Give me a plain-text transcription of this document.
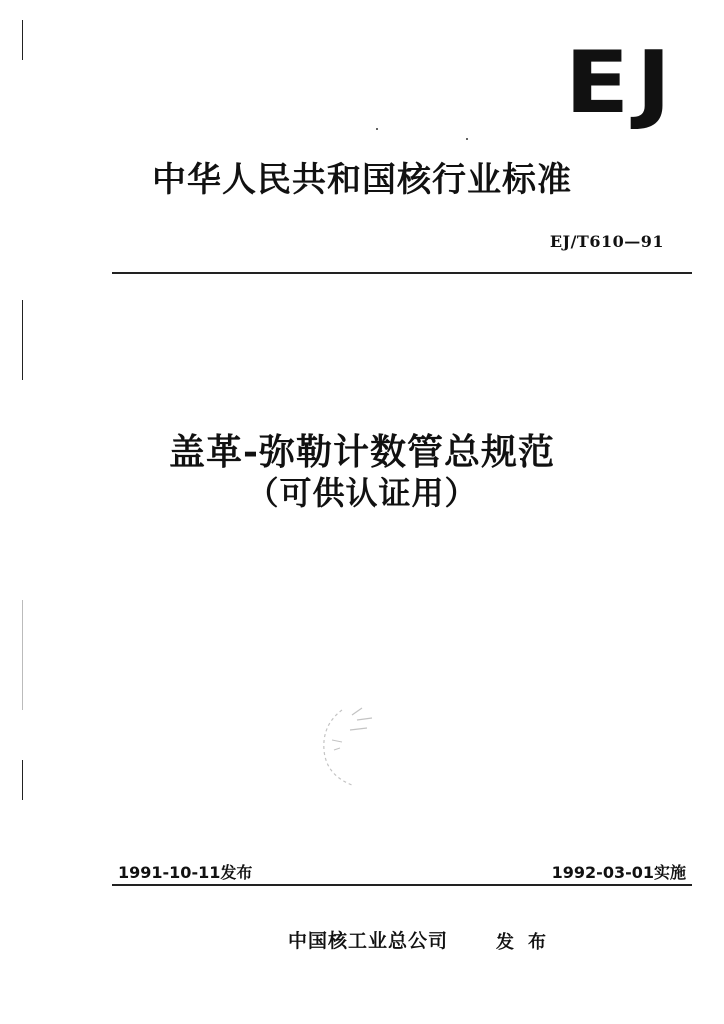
EJ
中华人民共和国核行业标准
EJ/T610—91
盖革-弥勒计数管总规范
（可供认证用）
1991-10-11发布	1992-03-01实施
中国核工业总公司	发布
